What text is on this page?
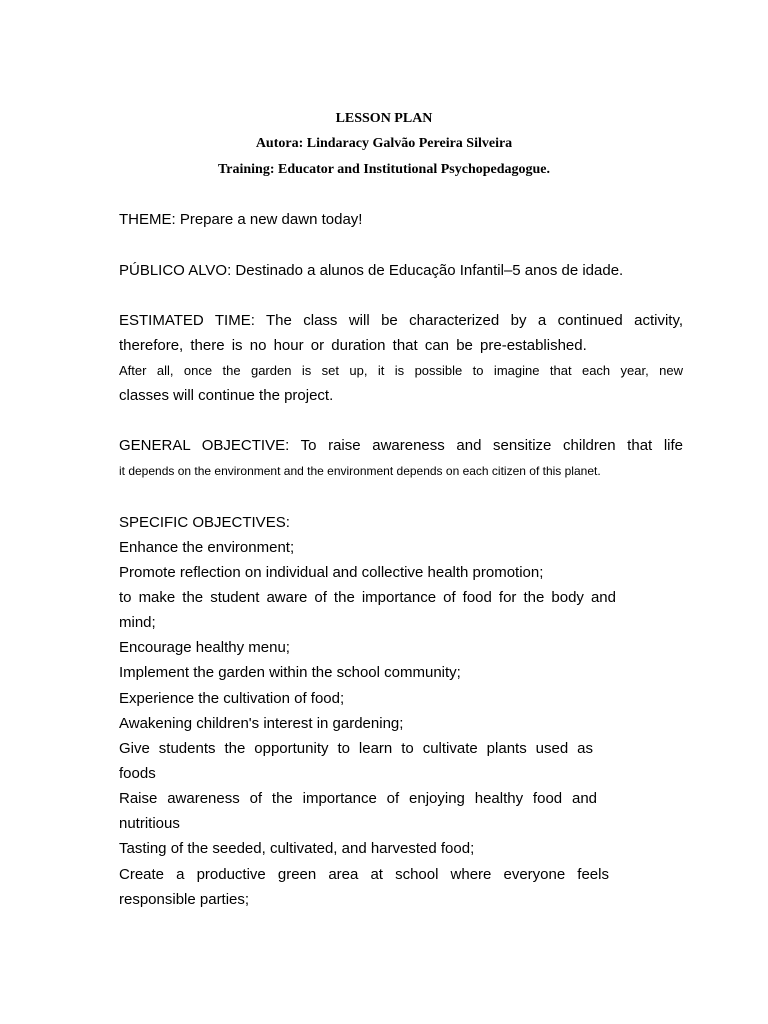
LESSON PLAN
Autora: Lindaracy Galvão Pereira Silveira
Training: Educator and Institutional Psychopedagogue.
THEME: Prepare a new dawn today!
PÚBLICO ALVO: Destinado a alunos de Educação Infantil–5 anos de idade.
ESTIMATED TIME: The class will be characterized by a continued activity,
therefore, there is no hour or duration that can be pre-established.
After all, once the garden is set up, it is possible to imagine that each year, new
classes will continue the project.
GENERAL OBJECTIVE: To raise awareness and sensitize children that life
it depends on the environment and the environment depends on each citizen of this planet.
SPECIFIC OBJECTIVES:
Enhance the environment;
Promote reflection on individual and collective health promotion;
to make the student aware of the importance of food for the body and
mind;
Encourage healthy menu;
Implement the garden within the school community;
Experience the cultivation of food;
Awakening children's interest in gardening;
Give students the opportunity to learn to cultivate plants used as
foods
Raise awareness of the importance of enjoying healthy food and
nutritious
Tasting of the seeded, cultivated, and harvested food;
Create a productive green area at school where everyone feels
responsible parties;
